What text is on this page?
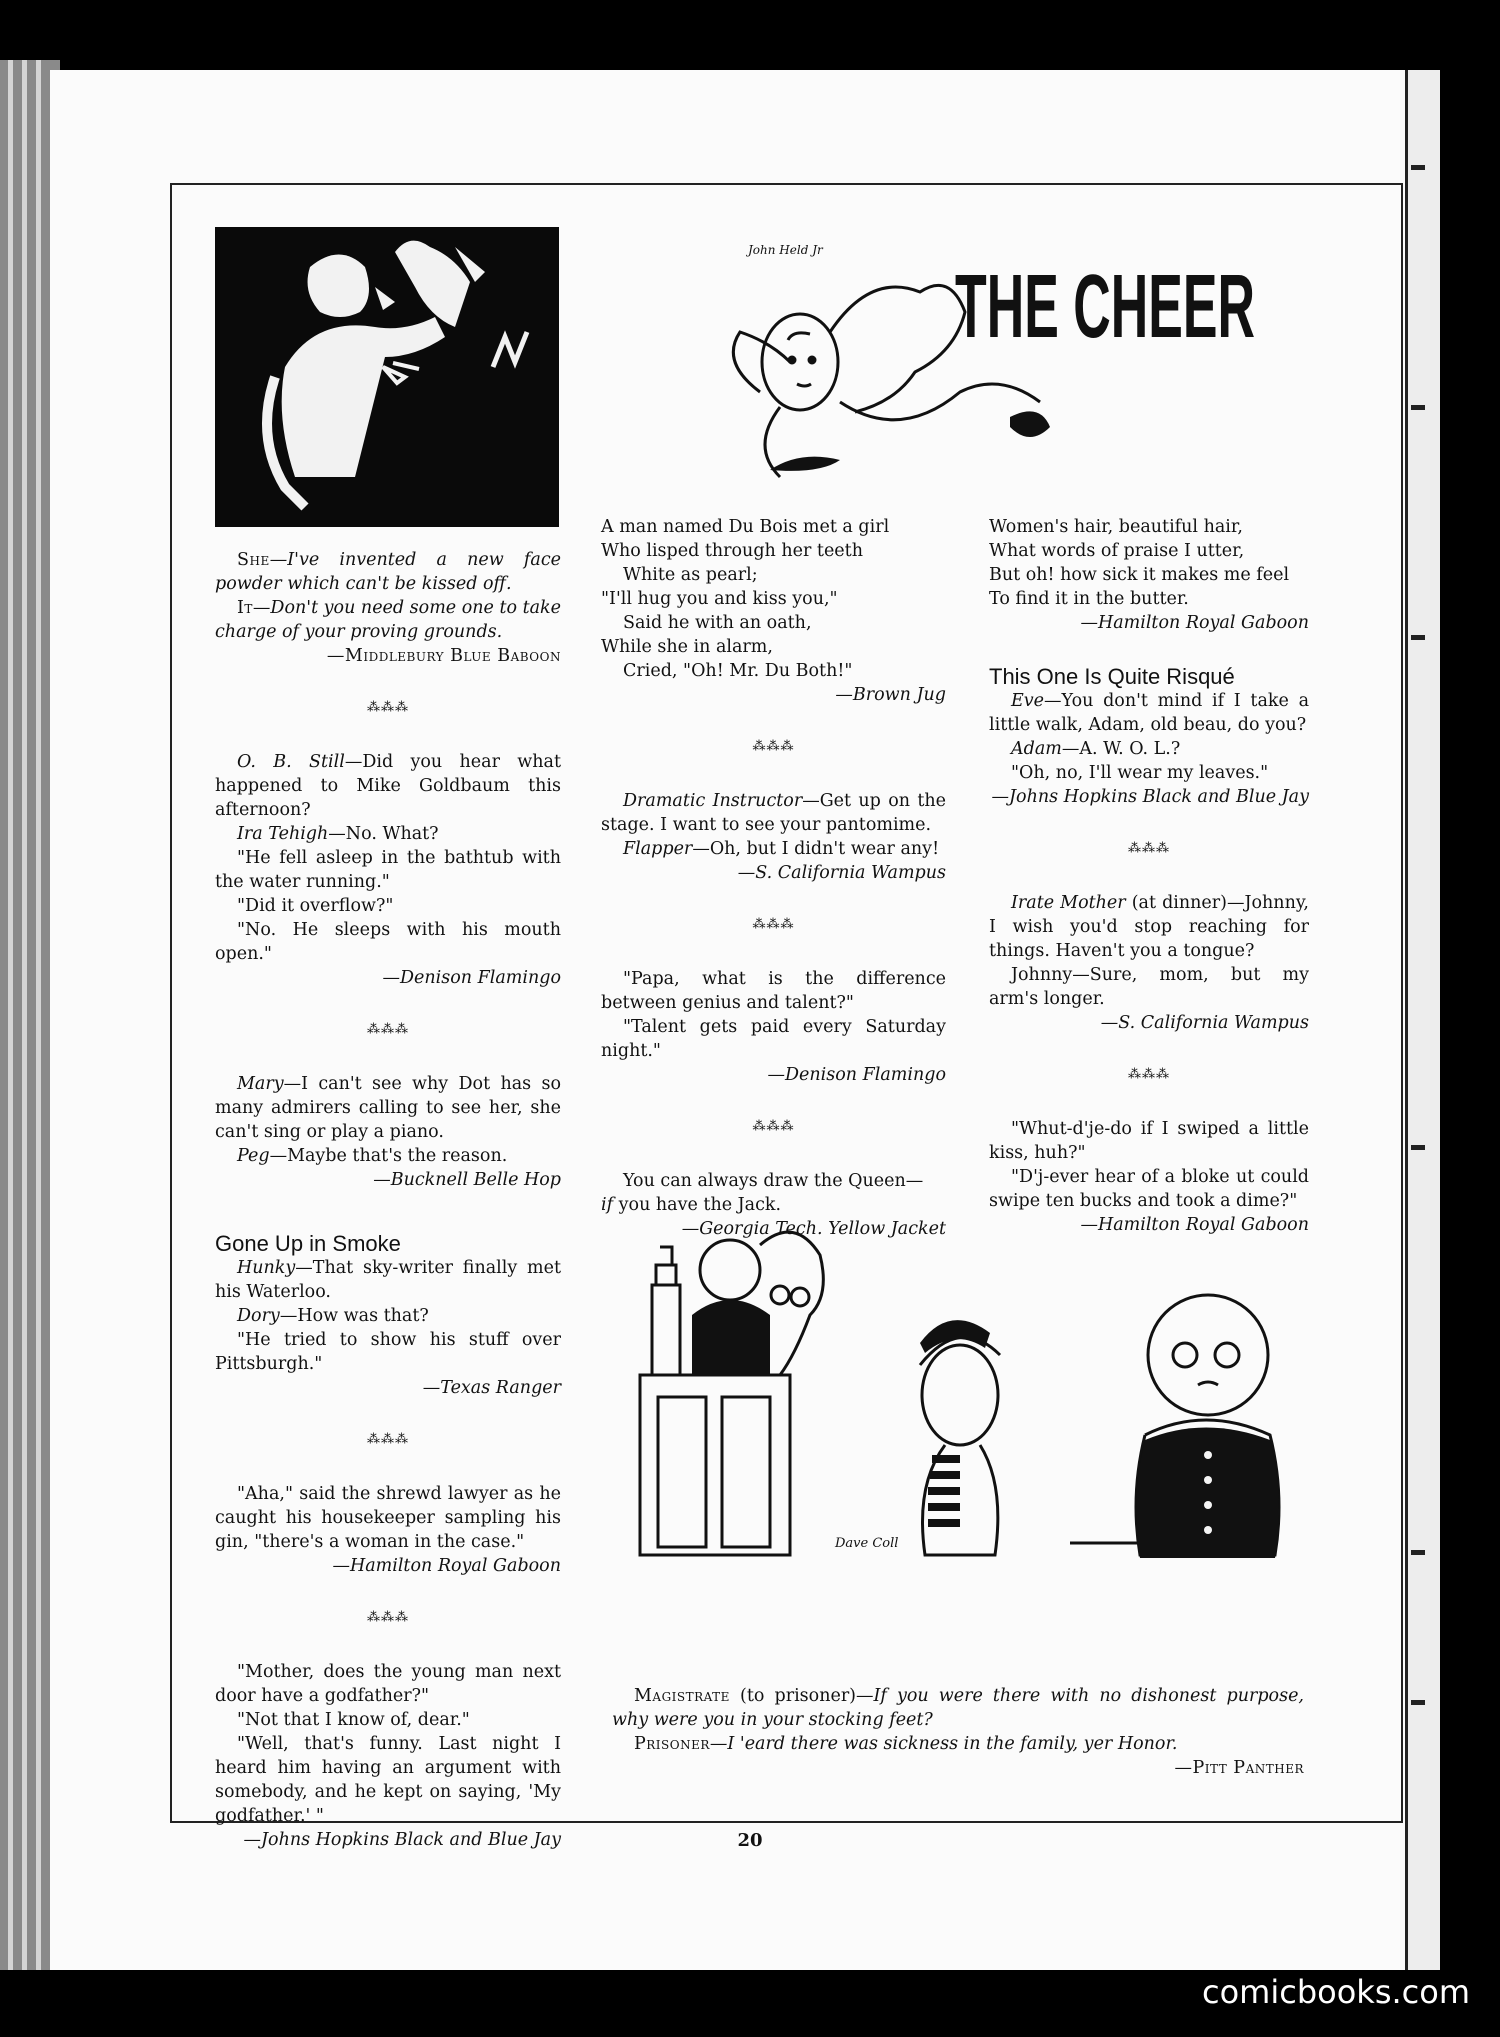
John Held Jr
THE CHEER

She—I've invented a new face powder which can't be kissed off.

It—Don't you need some one to take charge of your proving grounds.

—Middlebury Blue Baboon

⁂⁂⁂

O. B. Still—Did you hear what happened to Mike Goldbaum this afternoon?

Ira Tehigh—No. What?

"He fell asleep in the bathtub with the water running."

"Did it overflow?"

"No. He sleeps with his mouth open."

—Denison Flamingo

⁂⁂⁂

Mary—I can't see why Dot has so many admirers calling to see her, she can't sing or play a piano.

Peg—Maybe that's the reason.

—Bucknell Belle Hop

Gone Up in Smoke

Hunky—That sky-writer finally met his Waterloo.

Dory—How was that?

"He tried to show his stuff over Pittsburgh."

—Texas Ranger

⁂⁂⁂

"Aha," said the shrewd lawyer as he caught his housekeeper sampling his gin, "there's a woman in the case."

—Hamilton Royal Gaboon

⁂⁂⁂

"Mother, does the young man next door have a godfather?"

"Not that I know of, dear."

"Well, that's funny. Last night I heard him having an argument with somebody, and he kept on saying, 'My godfather.' "

—Johns Hopkins Black and Blue Jay

A man named Du Bois met a girl

Who lisped through her teeth

White as pearl;

"I'll hug you and kiss you,"

Said he with an oath,

While she in alarm,

Cried, "Oh! Mr. Du Both!"

—Brown Jug

⁂⁂⁂

Dramatic Instructor—Get up on the stage. I want to see your pantomime.

Flapper—Oh, but I didn't wear any!

—S. California Wampus

⁂⁂⁂

"Papa, what is the difference between genius and talent?"

"Talent gets paid every Saturday night."

—Denison Flamingo

⁂⁂⁂

You can always draw the Queen—

if you have the Jack.

—Georgia Tech. Yellow Jacket

Women's hair, beautiful hair,

What words of praise I utter,

But oh! how sick it makes me feel

To find it in the butter.

—Hamilton Royal Gaboon

This One Is Quite Risqué

Eve—You don't mind if I take a little walk, Adam, old beau, do you?

Adam—A. W. O. L.?

"Oh, no, I'll wear my leaves."

—Johns Hopkins Black and Blue Jay

⁂⁂⁂

Irate Mother (at dinner)—Johnny, I wish you'd stop reaching for things. Haven't you a tongue?

Johnny—Sure, mom, but my arm's longer.

—S. California Wampus

⁂⁂⁂

"Whut-d'je-do if I swiped a little kiss, huh?"

"D'j-ever hear of a bloke ut could swipe ten bucks and took a dime?"

—Hamilton Royal Gaboon

Dave Coll

Magistrate (to prisoner)—If you were there with no dishonest purpose, why were you in your stocking feet?

Prisoner—I 'eard there was sickness in the family, yer Honor.

—Pitt Panther

20
comicbooks.com
